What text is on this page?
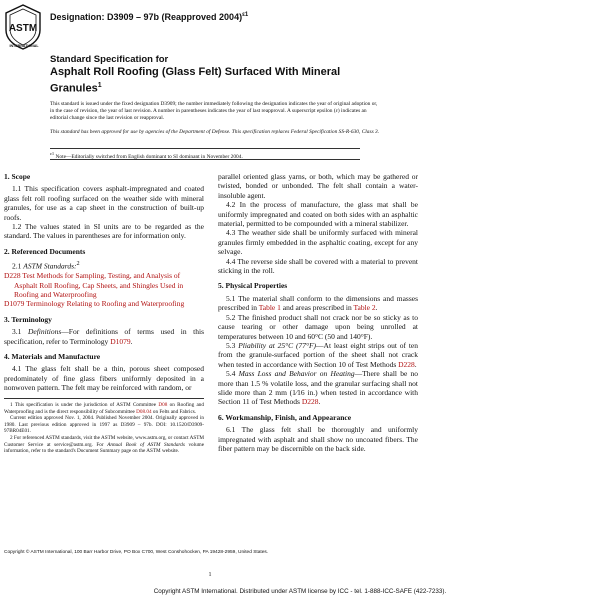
ASTM
INTERNATIONAL
Designation: D3909 – 97b (Reapproved 2004)$^{\varepsilon 1}$
Standard Specification for
Asphalt Roll Roofing (Glass Felt) Surfaced With Mineral Granules$^1$
This standard is issued under the fixed designation D3909; the number immediately following the designation indicates the year of original adoption or, in the case of revision, the year of last revision. A number in parentheses indicates the year of last reapproval. A superscript epsilon (ε) indicates an editorial change since the last revision or reapproval.
This standard has been approved for use by agencies of the Department of Defense. This specification replaces Federal Specification SS-R-630, Class 3.
$^{\varepsilon 1}$ Note—Editorially switched from English dominant to SI dominant in November 2004.
1. Scope

1.1 This specification covers asphalt-impregnated and coated glass felt roll roofing surfaced on the weather side with mineral granules, for use as a cap sheet in the construction of built-up roofs.

1.2 The values stated in SI units are to be regarded as the standard. The values in parentheses are for information only.

2. Referenced Documents

2.1 ASTM Standards:$^2$

D228 Test Methods for Sampling, Testing, and Analysis of Asphalt Roll Roofing, Cap Sheets, and Shingles Used in Roofing and Waterproofing
D1079 Terminology Relating to Roofing and Waterproofing
3. Terminology

3.1 Definitions—For definitions of terms used in this specification, refer to Terminology D1079.

4. Materials and Manufacture

4.1 The glass felt shall be a thin, porous sheet composed predominately of fine glass fibers uniformly deposited in a nonwoven pattern. The felt may be reinforced with random, or

1 This specification is under the jurisdiction of ASTM Committee D08 on Roofing and Waterproofing and is the direct responsibility of Subcommittee D08.04 on Felts and Fabrics.

Current edition approved Nov. 1, 2004. Published November 2004. Originally approved in 1980. Last previous edition approved in 1997 as D3909 – 97b. DOI: 10.1520/D3909-97BR04E01.

2 For referenced ASTM standards, visit the ASTM website, www.astm.org, or contact ASTM Customer Service at service@astm.org. For Annual Book of ASTM Standards volume information, refer to the standard's Document Summary page on the ASTM website.

parallel oriented glass yarns, or both, which may be gathered or twisted, bonded or unbonded. The felt shall contain a water-insoluble agent.

4.2 In the process of manufacture, the glass mat shall be uniformly impregnated and coated on both sides with an asphaltic material, permitted to be compounded with a mineral stabilizer.

4.3 The weather side shall be uniformly surfaced with mineral granules firmly embedded in the asphaltic coating, except for any selvage.

4.4 The reverse side shall be covered with a material to prevent sticking in the roll.

5. Physical Properties

5.1 The material shall conform to the dimensions and masses prescribed in Table 1 and areas prescribed in Table 2.

5.2 The finished product shall not crack nor be so sticky as to cause tearing or other damage upon being unrolled at temperatures between 10 and 60°C (50 and 140°F).

5.3 Pliability at 25°C (77°F)—At least eight strips out of ten from the granule-surfaced portion of the sheet shall not crack when tested in accordance with Section 10 of Test Methods D228.

5.4 Mass Loss and Behavior on Heating—There shall be no more than 1.5 % volatile loss, and the granular surfacing shall not slide more than 2 mm (1⁄16 in.) when tested in accordance with Section 11 of Test Methods D228.

6. Workmanship, Finish, and Appearance

6.1 The glass felt shall be thoroughly and uniformly impregnated with asphalt and shall show no uncoated fibers. The fiber pattern may be discernible on the back side.

Copyright © ASTM International, 100 Barr Harbor Drive, PO Box C700, West Conshohocken, PA 19428-2959, United States.
1
Copyright ASTM International. Distributed under ASTM license by ICC - tel. 1-888-ICC-SAFE (422-7233).
